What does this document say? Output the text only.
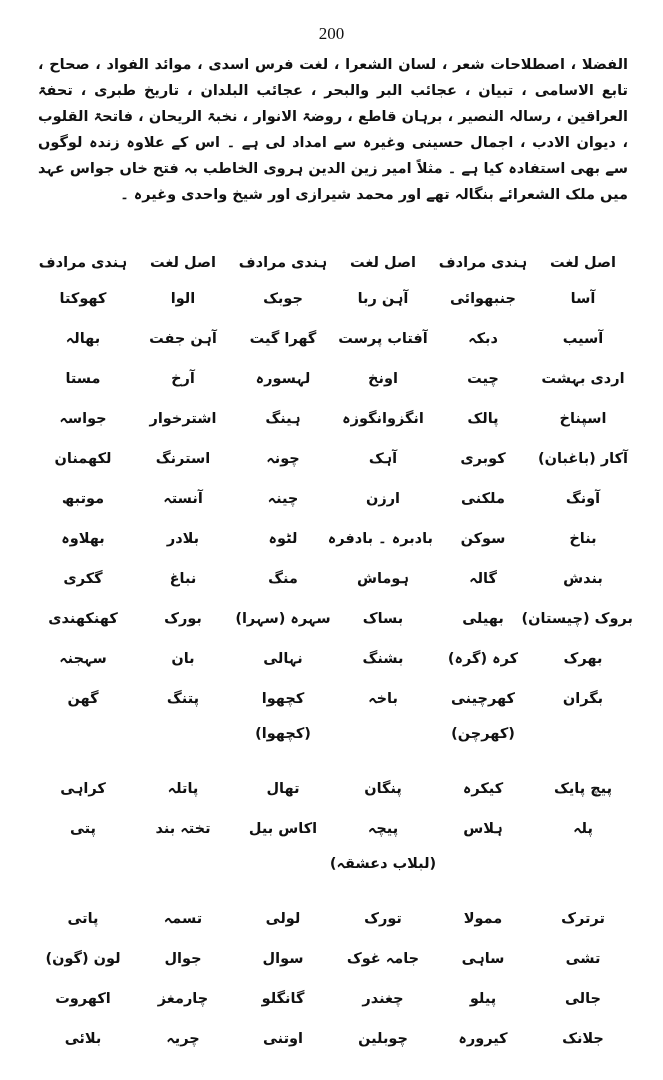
200

الفضلا ، اصطلاحات شعر ، لسان الشعرا ، لغت فرس اسدی ، موائد الفواد ، صحاح ، تابع الاسامی ، تبیان ، عجائب البر والبحر ، عجائب البلدان ، تاریخ طبری ، تحفۃ العراقین ، رسالہ النصیر ، برہان قاطع ، روضۃ الانوار ، نخبۃ الریحان ، فاتحۃ القلوب ، دیوان الادب ، اجمال حسینی وغیرہ سے امداد لی ہے ۔ اس کے علاوہ زندہ لوگوں سے بھی استفادہ کیا ہے ۔ مثلاً امیر زین الدین ہروی الخاطب بہ فتح خاں جواس عہد میں ملک الشعرائے بنگالہ تھے اور محمد شیرازی اور شیخ واحدی وغیرہ ۔

اصل لغت
ہندی مرادف
اصل لغت
ہندی مرادف
اصل لغت
ہندی مرادف
آسا
جنبھوائی
آہن ربا
جوبک
الوا
کھوکتا
آسیب
دبکہ
آفتاب پرست
گھرا گیت
آہن جفت
بھالہ
اردی بہشت
چیت
اونخ
لہسورہ
آرخ
مستا
اسپناخ
پالک
انگزوانگوزہ
ہینگ
اشترخوار
جواسہ
آکار (باغبان)
کوبری
آہک
چونہ
استرنگ
لکھمنان
آونگ
ملکنی
ارزن
چینہ
آنستہ
موتبھ
بناخ
سوکن
بادبرہ ۔ بادفرہ
لٹوہ
بلادر
بھلاوہ
بندش
گالہ
ہوماش
منگ
نباغ
گکری
بروک (چیستان)
بھیلی
بساک
سہرہ (سہرا)
بورک
کھنکھندی
بھرک
کرہ (گرہ)
بشنگ
نہالی
بان
سہجنہ
بگران
کھرچینی
باخہ
کچھوا
پتنگ
گھن
(کھرچن)
(کچھوا)
پیچ پایک
کیکرہ
پنگان
تھال
پاتلہ
کراہی
پلہ
ہلاس
پیچہ
اکاس بیل
تختہ بند
پتی
(لبلاب دعشقہ)
ترترک
ممولا
تورک
لولی
تسمہ
پاتی
تشی
ساہی
جامہ غوک
سوال
جوال
لون (گون)
جالی
پیلو
چغندر
گانگلو
چارمغز
اکھروت
جلانک
کیرورہ
چوبلین
اوتنی
چریہ
بلائی
